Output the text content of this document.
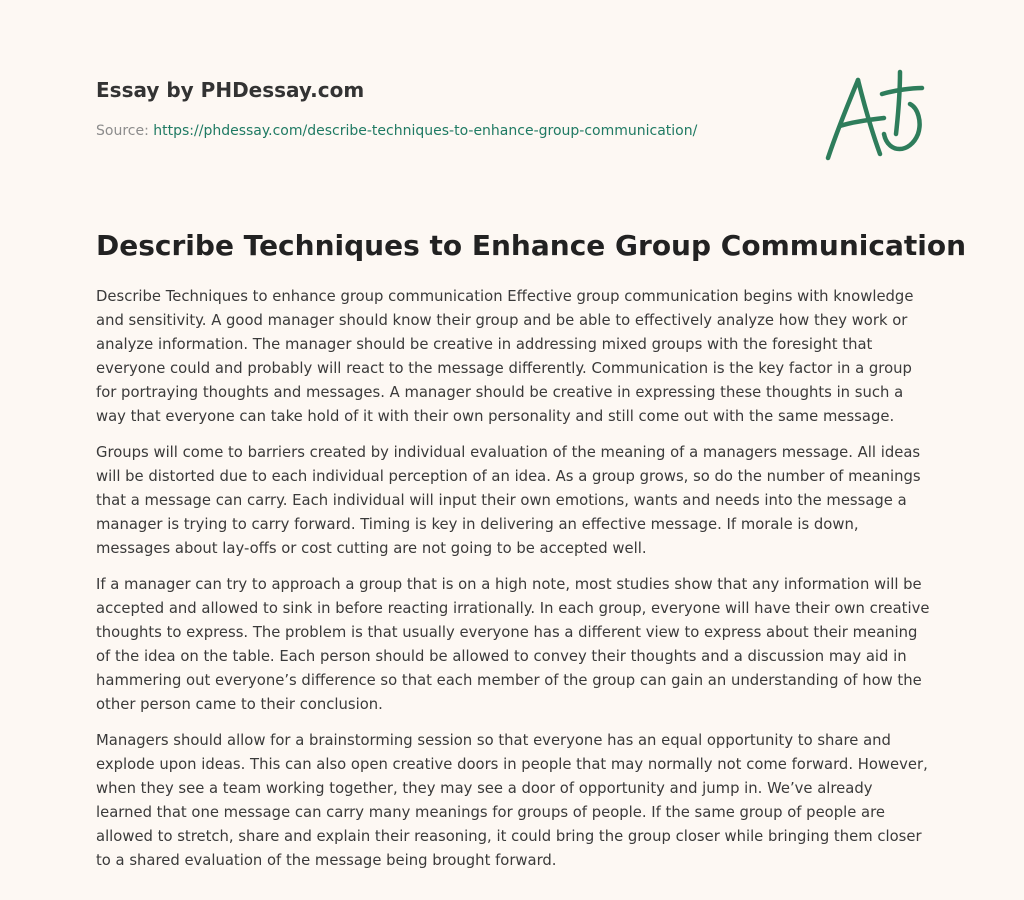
Essay by PHDessay.com
Source: https://phdessay.com/describe-techniques-to-enhance-group-communication/
Describe Techniques to Enhance Group Communication

Describe Techniques to enhance group communication Effective group communication begins with knowledge and sensitivity. A good manager should know their group and be able to effectively analyze how they work or analyze information. The manager should be creative in addressing mixed groups with the foresight that everyone could and probably will react to the message differently. Communication is the key factor in a group for portraying thoughts and messages. A manager should be creative in expressing these thoughts in such a way that everyone can take hold of it with their own personality and still come out with the same message.

Groups will come to barriers created by individual evaluation of the meaning of a managers message. All ideas will be distorted due to each individual perception of an idea. As a group grows, so do the number of meanings that a message can carry. Each individual will input their own emotions, wants and needs into the message a manager is trying to carry forward. Timing is key in delivering an effective message. If morale is down, messages about lay-offs or cost cutting are not going to be accepted well.

If a manager can try to approach a group that is on a high note, most studies show that any information will be accepted and allowed to sink in before reacting irrationally. In each group, everyone will have their own creative thoughts to express. The problem is that usually everyone has a different view to express about their meaning of the idea on the table. Each person should be allowed to convey their thoughts and a discussion may aid in hammering out everyone’s difference so that each member of the group can gain an understanding of how the other person came to their conclusion.

Managers should allow for a brainstorming session so that everyone has an equal opportunity to share and explode upon ideas. This can also open creative doors in people that may normally not come forward. However, when they see a team working together, they may see a door of opportunity and jump in. We’ve already learned that one message can carry many meanings for groups of people. If the same group of people are allowed to stretch, share and explain their reasoning, it could bring the group closer while bringing them closer to a shared evaluation of the message being brought forward.
